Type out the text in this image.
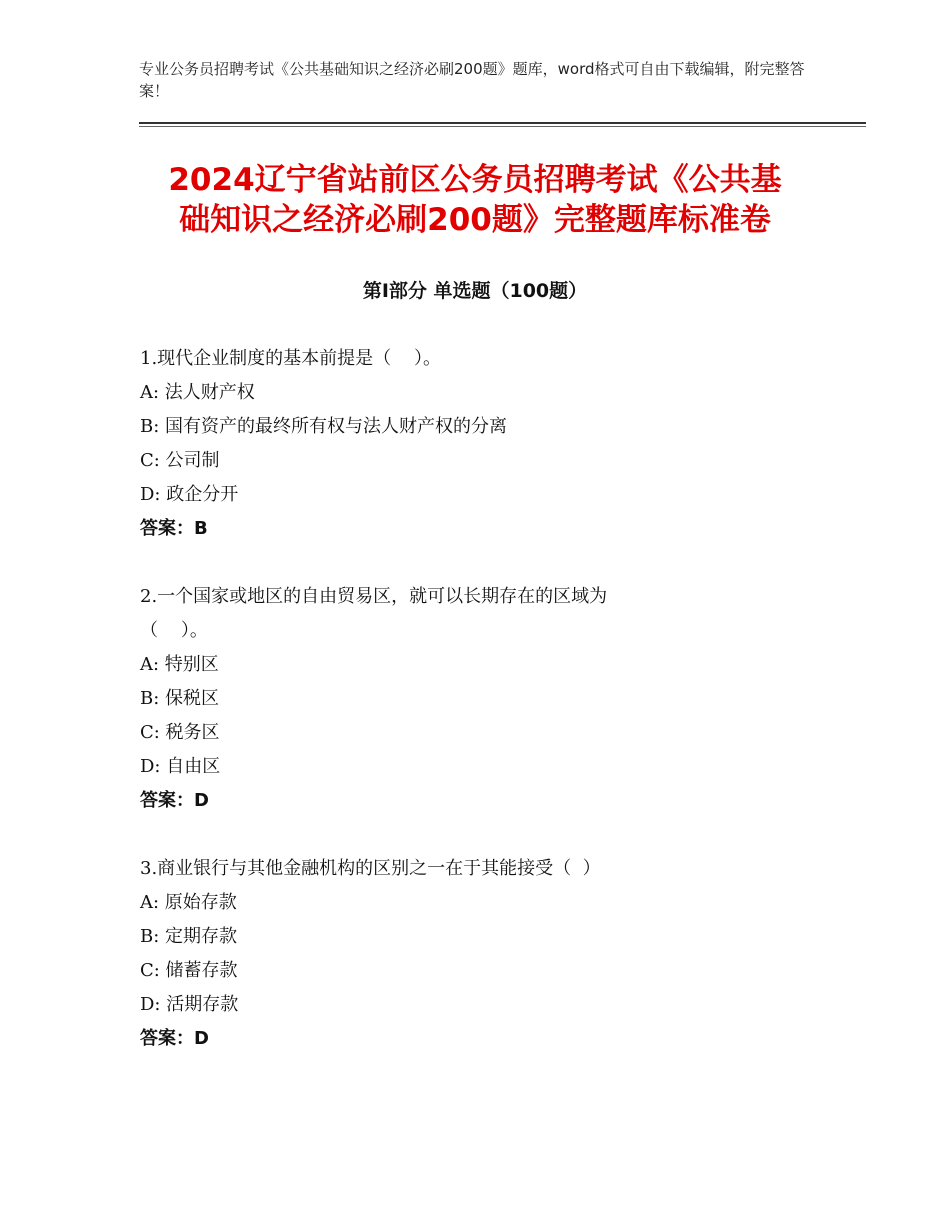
专业公务员招聘考试《公共基础知识之经济必刷200题》题库，word格式可自由下载编辑，附完整答案！
2024辽宁省站前区公务员招聘考试《公共基
础知识之经济必刷200题》完整题库标准卷
第Ⅰ部分 单选题（100题）
1.现代企业制度的基本前提是（    ）。
A: 法人财产权
B: 国有资产的最终所有权与法人财产权的分离
C: 公司制
D: 政企分开
答案：B
2.一个国家或地区的自由贸易区，就可以长期存在的区域为
（    ）。
A: 特别区
B: 保税区
C: 税务区
D: 自由区
答案：D
3.商业银行与其他金融机构的区别之一在于其能接受（  ）
A: 原始存款
B: 定期存款
C: 储蓄存款
D: 活期存款
答案：D
